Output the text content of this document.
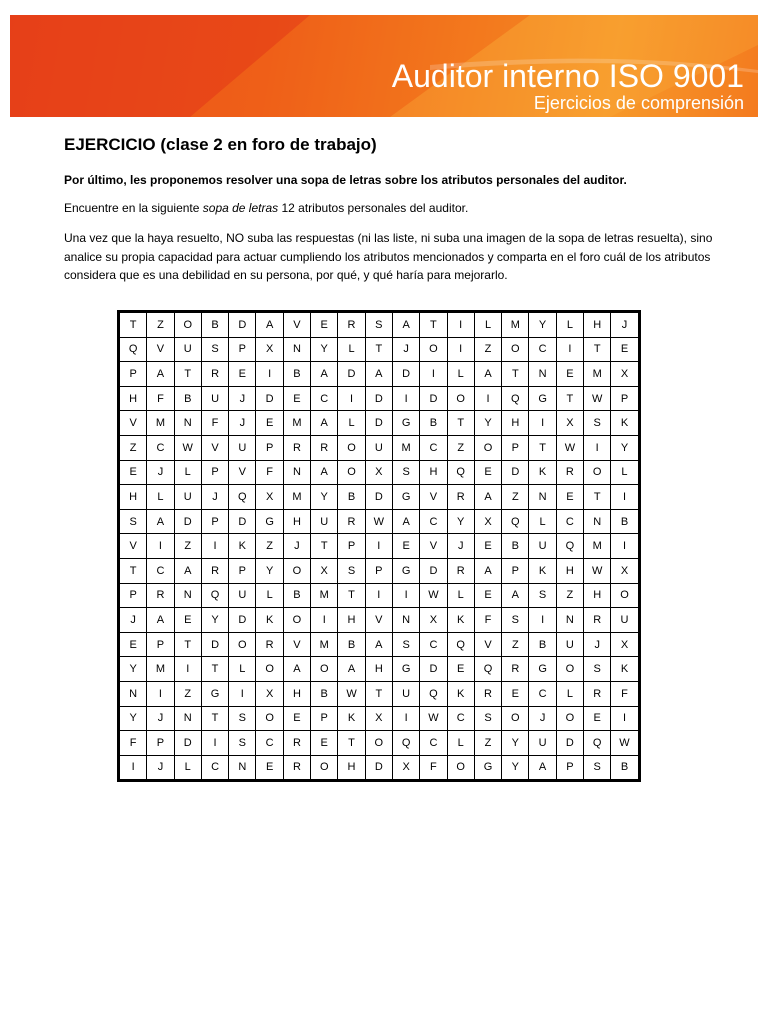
Auditor interno ISO 9001
Ejercicios de comprensión
EJERCICIO (clase 2 en foro de trabajo)
Por último, les proponemos resolver una sopa de letras sobre los atributos personales del auditor.
Encuentre en la siguiente sopa de letras 12 atributos personales del auditor.
Una vez que la haya resuelto, NO suba las respuestas (ni las liste, ni suba una imagen de la sopa de letras resuelta), sino analice su propia capacidad para actuar cumpliendo los atributos mencionados y comparta en el foro cuál de los atributos considera que es una debilidad en su persona, por qué, y qué haría para mejorarlo.
T	Z	O	B	D	A	V	E	R	S	A	T	I	L	M	Y	L	H	J
Q	V	U	S	P	X	N	Y	L	T	J	O	I	Z	O	C	I	T	E
P	A	T	R	E	I	B	A	D	A	D	I	L	A	T	N	E	M	X
H	F	B	U	J	D	E	C	I	D	I	D	O	I	Q	G	T	W	P
V	M	N	F	J	E	M	A	L	D	G	B	T	Y	H	I	X	S	K
Z	C	W	V	U	P	R	R	O	U	M	C	Z	O	P	T	W	I	Y
E	J	L	P	V	F	N	A	O	X	S	H	Q	E	D	K	R	O	L
H	L	U	J	Q	X	M	Y	B	D	G	V	R	A	Z	N	E	T	I
S	A	D	P	D	G	H	U	R	W	A	C	Y	X	Q	L	C	N	B
V	I	Z	I	K	Z	J	T	P	I	E	V	J	E	B	U	Q	M	I
T	C	A	R	P	Y	O	X	S	P	G	D	R	A	P	K	H	W	X
P	R	N	Q	U	L	B	M	T	I	I	W	L	E	A	S	Z	H	O
J	A	E	Y	D	K	O	I	H	V	N	X	K	F	S	I	N	R	U
E	P	T	D	O	R	V	M	B	A	S	C	Q	V	Z	B	U	J	X
Y	M	I	T	L	O	A	O	A	H	G	D	E	Q	R	G	O	S	K
N	I	Z	G	I	X	H	B	W	T	U	Q	K	R	E	C	L	R	F
Y	J	N	T	S	O	E	P	K	X	I	W	C	S	O	J	O	E	I
F	P	D	I	S	C	R	E	T	O	Q	C	L	Z	Y	U	D	Q	W
I	J	L	C	N	E	R	O	H	D	X	F	O	G	Y	A	P	S	B
